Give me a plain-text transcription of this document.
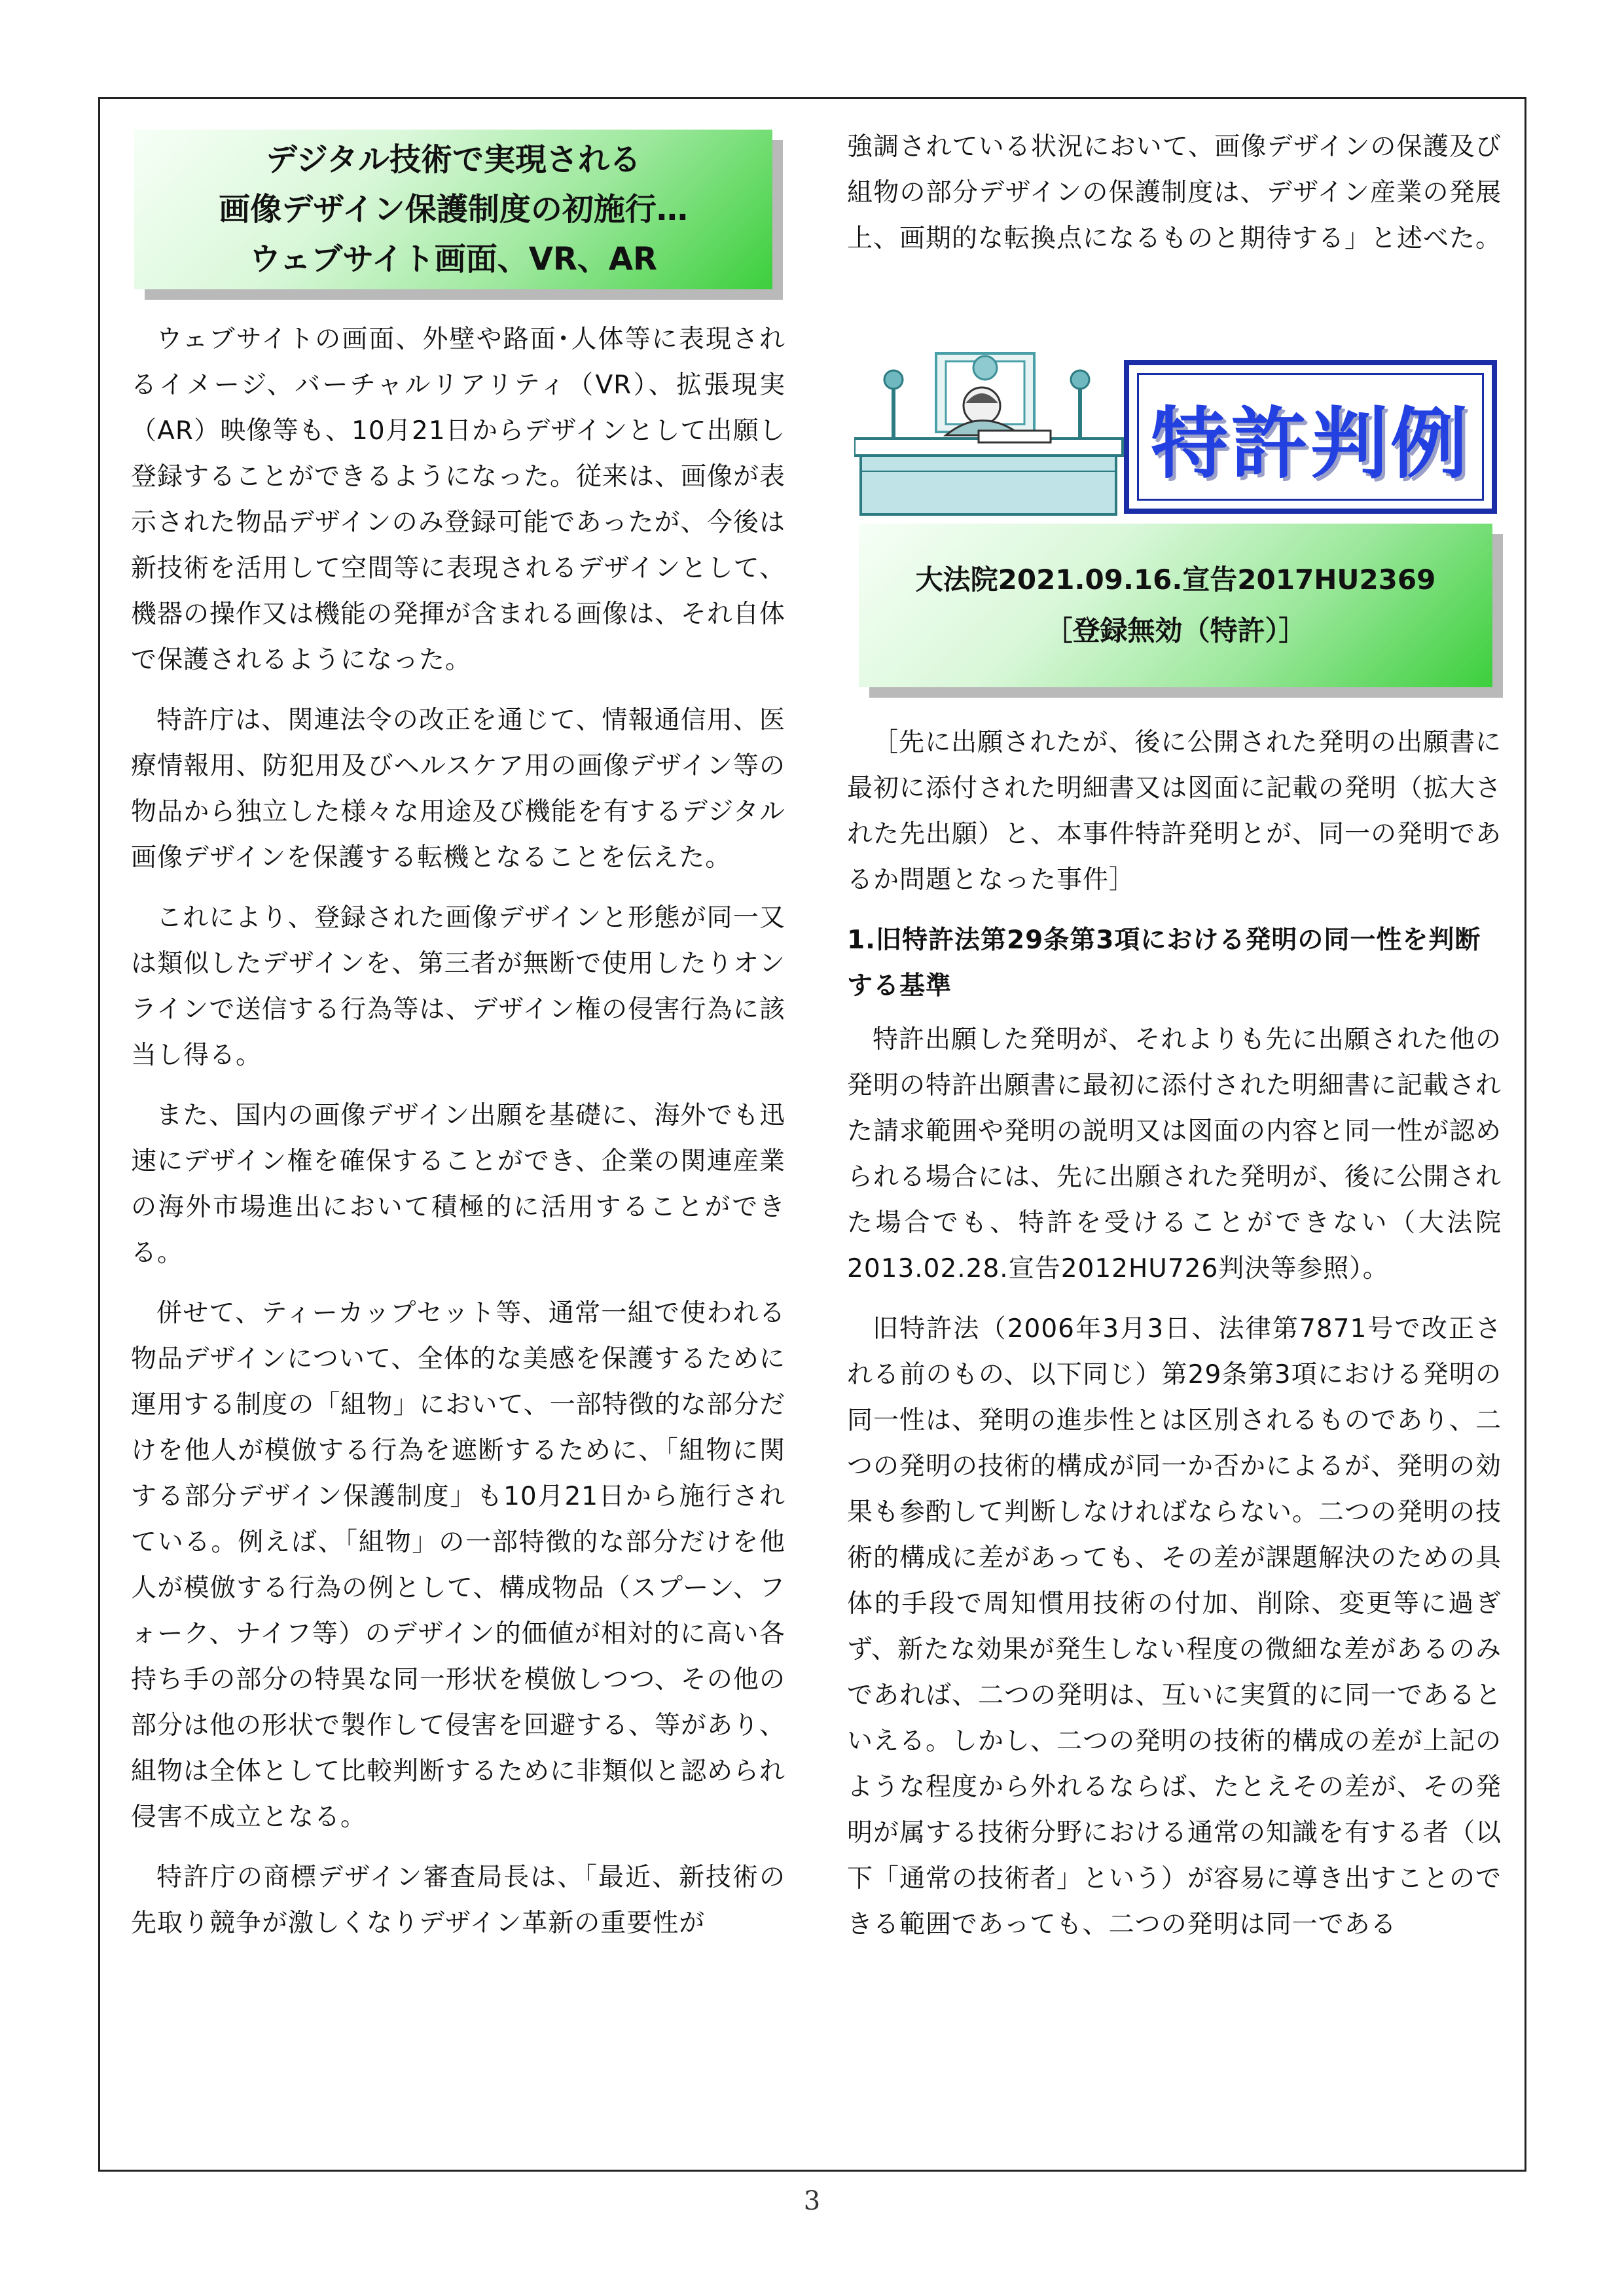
デジタル技術で実現される
画像デザイン保護制度の初施行…
ウェブサイト画面、VR、AR

ウェブサイトの画面、外壁や路面･人体等に表現されるイメージ、バーチャルリアリティ（VR）、拡張現実（AR）映像等も、10月21日からデザインとして出願し登録することができるようになった。従来は、画像が表示された物品デザインのみ登録可能であったが、今後は新技術を活用して空間等に表現されるデザインとして、機器の操作又は機能の発揮が含まれる画像は、それ自体で保護されるようになった。

特許庁は、関連法令の改正を通じて、情報通信用、医療情報用、防犯用及びヘルスケア用の画像デザイン等の物品から独立した様々な用途及び機能を有するデジタル画像デザインを保護する転機となることを伝えた。

これにより、登録された画像デザインと形態が同一又は類似したデザインを、第三者が無断で使用したりオンラインで送信する行為等は、デザイン権の侵害行為に該当し得る。

また、国内の画像デザイン出願を基礎に、海外でも迅速にデザイン権を確保することができ、企業の関連産業の海外市場進出において積極的に活用することができる。

併せて、ティーカップセット等、通常一組で使われる物品デザインについて、全体的な美感を保護するために運用する制度の「組物」において、一部特徴的な部分だけを他人が模倣する行為を遮断するために、「組物に関する部分デザイン保護制度」も10月21日から施行されている。例えば、「組物」の一部特徴的な部分だけを他人が模倣する行為の例として、構成物品（スプーン、フォーク、ナイフ等）のデザイン的価値が相対的に高い各持ち手の部分の特異な同一形状を模倣しつつ、その他の部分は他の形状で製作して侵害を回避する、等があり、組物は全体として比較判断するために非類似と認められ侵害不成立となる。

特許庁の商標デザイン審査局長は、「最近、新技術の先取り競争が激しくなりデザイン革新の重要性が

強調されている状況において、画像デザインの保護及び組物の部分デザインの保護制度は、デザイン産業の発展上、画期的な転換点になるものと期待する」と述べた。

特許判例
大法院2021.09.16.宣告2017HU2369
［登録無効（特許）］

［先に出願されたが、後に公開された発明の出願書に最初に添付された明細書又は図面に記載の発明（拡大された先出願）と、本事件特許発明とが、同一の発明であるか問題となった事件］

1.旧特許法第29条第3項における発明の同一性を判断する基準

特許出願した発明が、それよりも先に出願された他の発明の特許出願書に最初に添付された明細書に記載された請求範囲や発明の説明又は図面の内容と同一性が認められる場合には、先に出願された発明が、後に公開された場合でも、特許を受けることができない（大法院2013.02.28.宣告2012HU726判決等参照）。

旧特許法（2006年3月3日、法律第7871号で改正される前のもの、以下同じ）第29条第3項における発明の同一性は、発明の進歩性とは区別されるものであり、二つの発明の技術的構成が同一か否かによるが、発明の効果も参酌して判断しなければならない。二つの発明の技術的構成に差があっても、その差が課題解決のための具体的手段で周知慣用技術の付加、削除、変更等に過ぎず、新たな効果が発生しない程度の微細な差があるのみであれば、二つの発明は、互いに実質的に同一であるといえる。しかし、二つの発明の技術的構成の差が上記のような程度から外れるならば、たとえその差が、その発明が属する技術分野における通常の知識を有する者（以下「通常の技術者」という）が容易に導き出すことのできる範囲であっても、二つの発明は同一である

3
